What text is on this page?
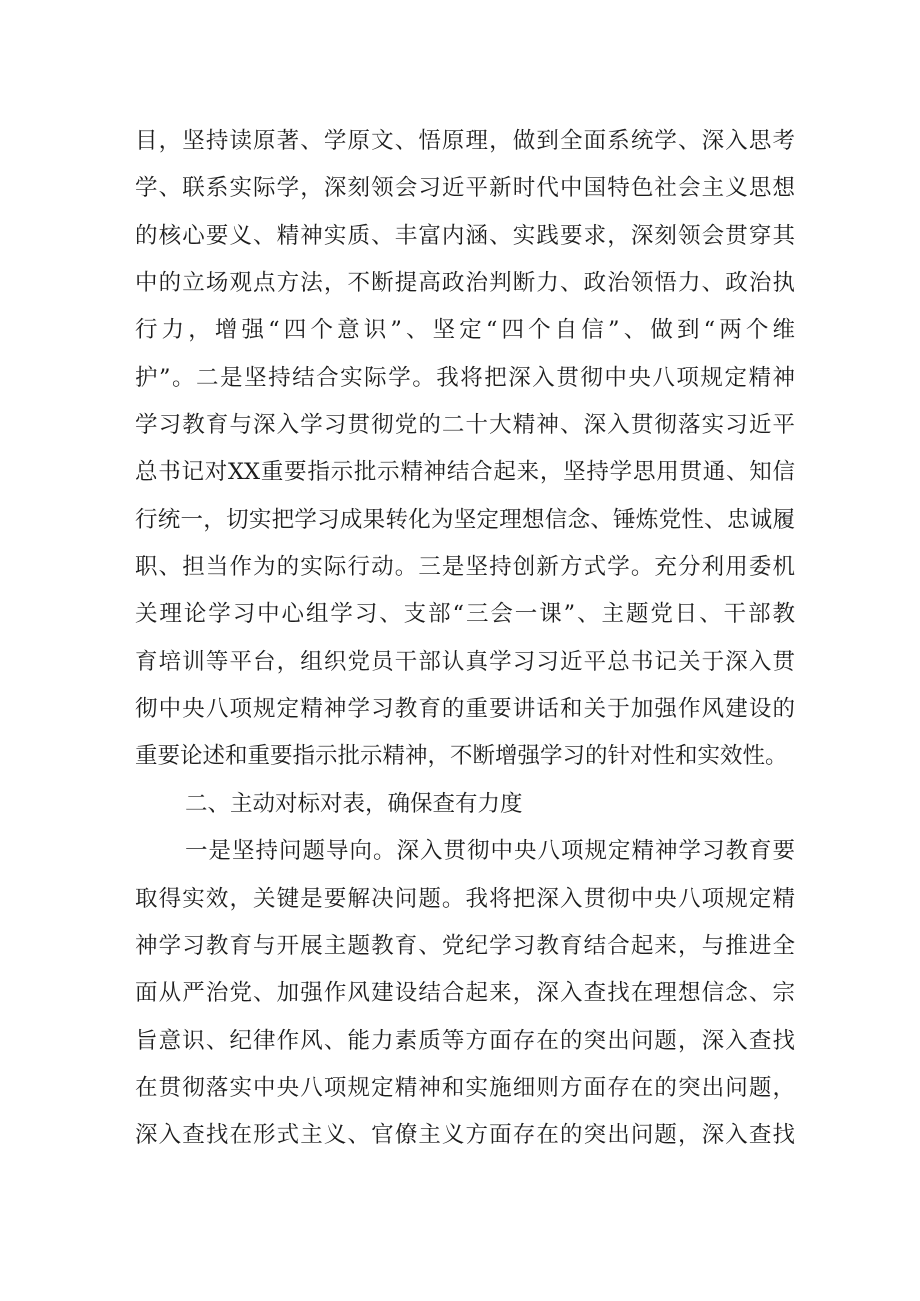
目，坚持读原著、学原文、悟原理，做到全面系统学、深入思考
学、联系实际学，深刻领会习近平新时代中国特色社会主义思想
的核心要义、精神实质、丰富内涵、实践要求，深刻领会贯穿其
中的立场观点方法，不断提高政治判断力、政治领悟力、政治执
行力，增强“四个意识”、坚定“四个自信”、做到“两个维
护”。二是坚持结合实际学。我将把深入贯彻中央八项规定精神
学习教育与深入学习贯彻党的二十大精神、深入贯彻落实习近平
总书记对XX重要指示批示精神结合起来，坚持学思用贯通、知信
行统一，切实把学习成果转化为坚定理想信念、锤炼党性、忠诚履
职、担当作为的实际行动。三是坚持创新方式学。充分利用委机
关理论学习中心组学习、支部“三会一课”、主题党日、干部教
育培训等平台，组织党员干部认真学习习近平总书记关于深入贯
彻中央八项规定精神学习教育的重要讲话和关于加强作风建设的
重要论述和重要指示批示精神，不断增强学习的针对性和实效性。
二、主动对标对表，确保查有力度
一是坚持问题导向。深入贯彻中央八项规定精神学习教育要
取得实效，关键是要解决问题。我将把深入贯彻中央八项规定精
神学习教育与开展主题教育、党纪学习教育结合起来，与推进全
面从严治党、加强作风建设结合起来，深入查找在理想信念、宗
旨意识、纪律作风、能力素质等方面存在的突出问题，深入查找
在贯彻落实中央八项规定精神和实施细则方面存在的突出问题，
深入查找在形式主义、官僚主义方面存在的突出问题，深入查找
